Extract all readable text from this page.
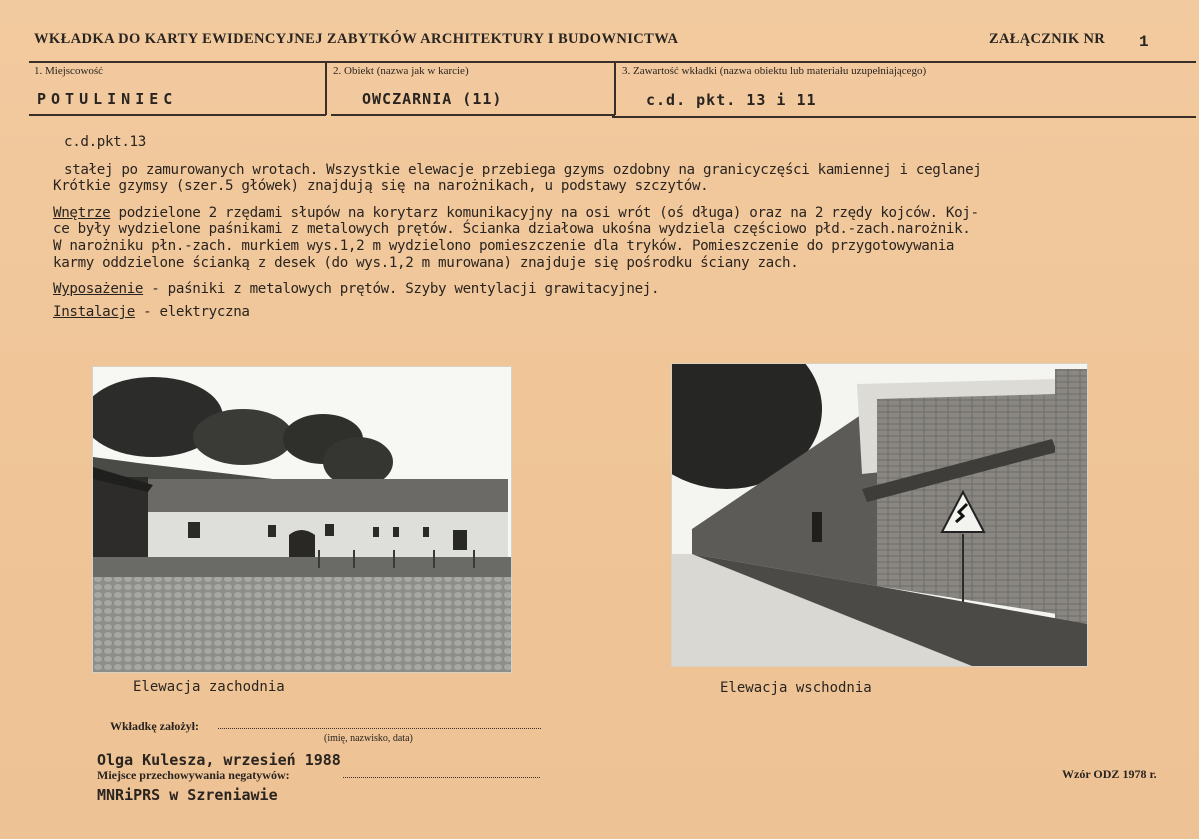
WKŁADKA DO KARTY EWIDENCYJNEJ ZABYTKÓW ARCHITEKTURY I BUDOWNICTWA	ZAŁĄCZNIK NR 1
1. Miejscowość	2. Obiekt (nazwa jak w karcie)	3. Zawartość wkładki (nazwa obiektu lub materiału uzupełniającego)
POTULINIEC	OWCZARNIA (11)	c.d. pkt. 13 i 11
c.d.pkt.13
stałej po zamurowanych wrotach. Wszystkie elewacje przebiega gzyms ozdobny na granicyczęści kamiennej i ceglanej
Krótkie gzymsy (szer.5 główek) znajdują się na narożnikach, u podstawy szczytów.
Wnętrze podzielone 2 rzędami słupów na korytarz komunikacyjny na osi wrót (oś długa) oraz na 2 rzędy kojców. Koj-
ce były wydzielone paśnikami z metalowych prętów. Ścianka działowa ukośna wydziela częściowo płd.-zach.narożnik.
W narożniku płn.-zach. murkiem wys.1,2 m wydzielono pomieszczenie dla tryków. Pomieszczenie do przygotowywania
karmy oddzielone ścianką z desek (do wys.1,2 m murowana) znajduje się pośrodku ściany zach.
Wyposażenie - paśniki z metalowych prętów. Szyby wentylacji grawitacyjnej.
Instalacje - elektryczna
Elewacja zachodnia	Elewacja wschodnia
Wkładkę założył:
(imię, nazwisko, data)
Olga Kulesza, wrzesień 1988
Miejsce przechowywania negatywów:
MNRiPRS w Szreniawie
Wzór ODZ 1978 r.
